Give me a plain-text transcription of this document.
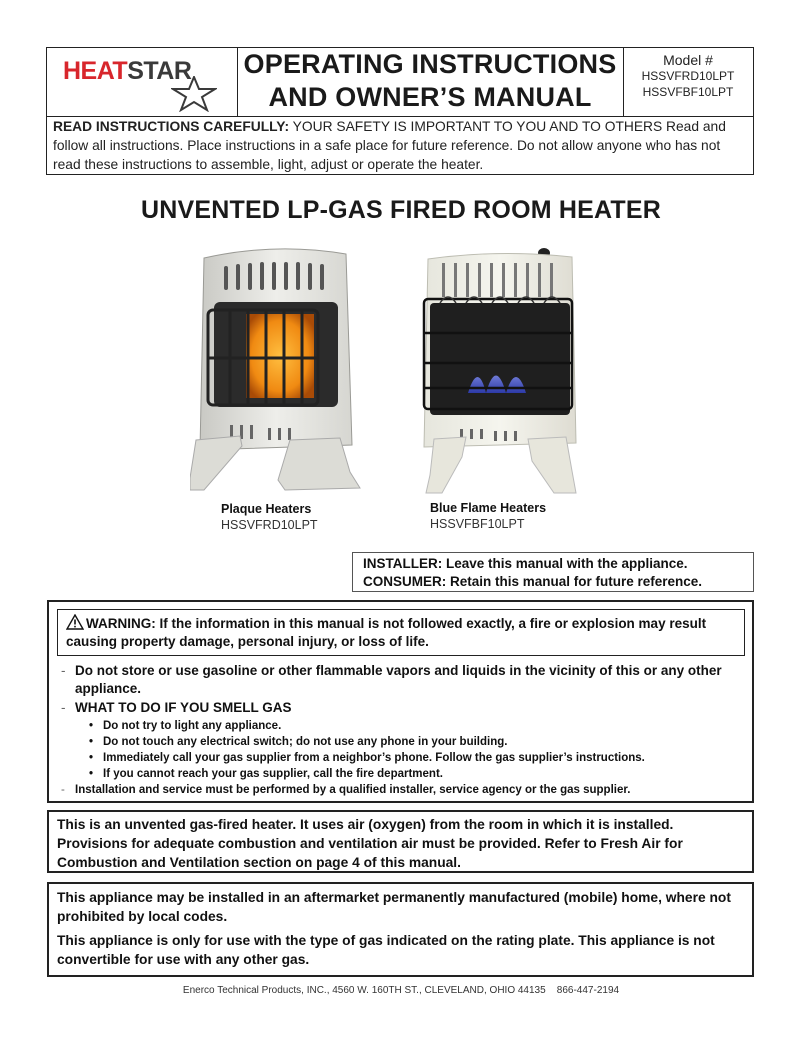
HEATSTAR OPERATING INSTRUCTIONS
AND OWNER’S MANUAL
Model #
HSSVFRD10LPT
HSSVFBF10LPT
READ INSTRUCTIONS CAREFULLY: YOUR SAFETY IS IMPORTANT TO YOU AND TO OTHERS Read and follow all instructions. Place instructions in a safe place for future reference. Do not allow anyone who has not read these instructions to assemble, light, adjust or operate the heater.
UNVENTED LP-GAS FIRED ROOM HEATER
Plaque Heaters
HSSVFRD10LPT
Blue Flame Heaters
HSSVFBF10LPT
INSTALLER: Leave this manual with the appliance.
CONSUMER: Retain this manual for future reference.
WARNING: If the information in this manual is not followed exactly, a fire or explosion may result causing property damage, personal injury, or loss of life.
- Do not store or use gasoline or other flammable vapors and liquids in the vicinity of this or any other appliance.
- WHAT TO DO IF YOU SMELL GAS
• Do not try to light any appliance.
• Do not touch any electrical switch; do not use any phone in your building.
• Immediately call your gas supplier from a neighbor’s phone. Follow the gas supplier’s instructions.
• If you cannot reach your gas supplier, call the fire department.
- Installation and service must be performed by a qualified installer, service agency or the gas supplier.
This is an unvented gas-fired heater. It uses air (oxygen) from the room in which it is installed. Provisions for adequate combustion and ventilation air must be provided. Refer to Fresh Air for Combustion and Ventilation section on page 4 of this manual.
This appliance may be installed in an aftermarket permanently manufactured (mobile) home, where not prohibited by local codes.
This appliance is only for use with the type of gas indicated on the rating plate. This appliance is not convertible for use with any other gas.
Enerco Technical Products, INC., 4560 W. 160TH ST., CLEVELAND, OHIO 44135    866-447-2194
